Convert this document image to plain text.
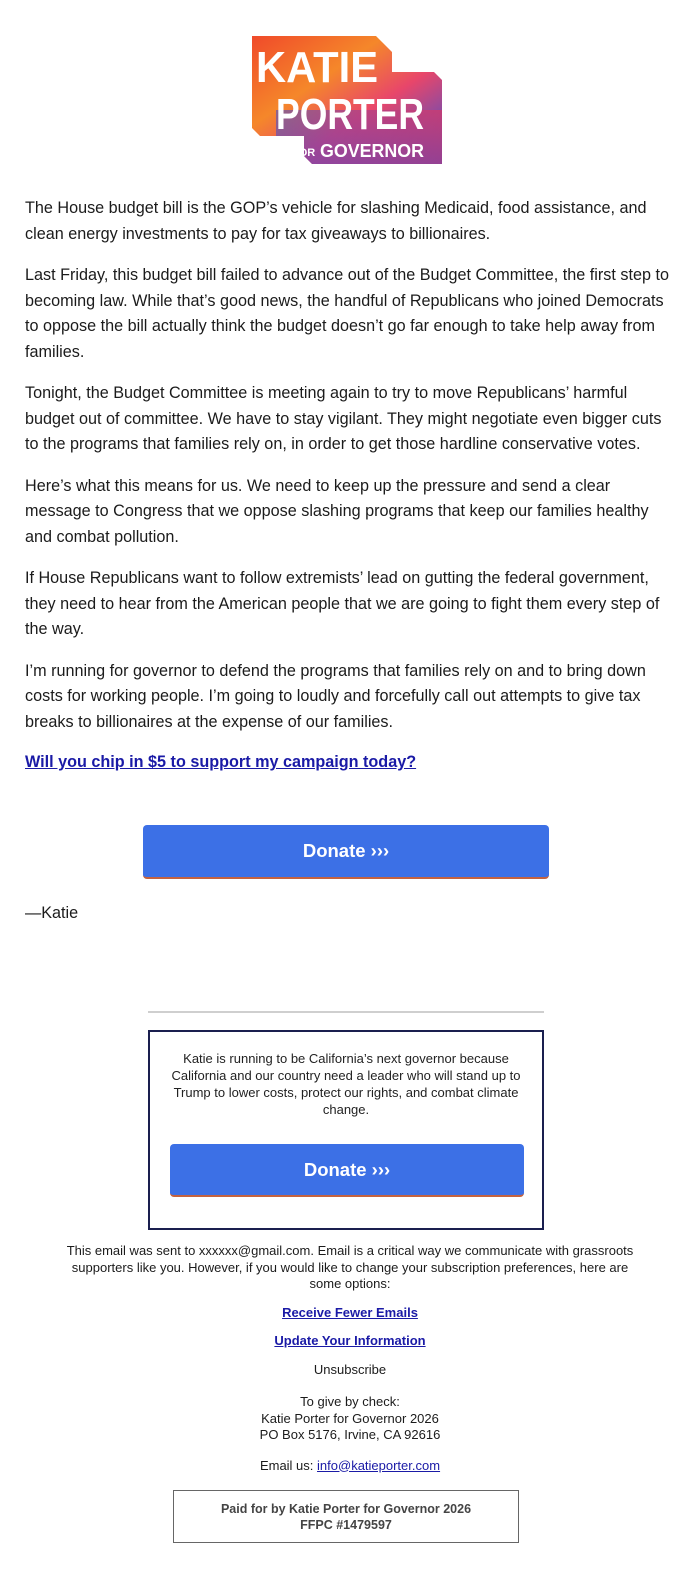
KATIE
PORTER
FOR GOVERNOR

The House budget bill is the GOP’s vehicle for slashing Medicaid, food assistance, and clean energy investments to pay for tax giveaways to billionaires.

Last Friday, this budget bill failed to advance out of the Budget Committee, the first step to becoming law. While that’s good news, the handful of Republicans who joined Democrats to oppose the bill actually think the budget doesn’t go far enough to take help away from families.

Tonight, the Budget Committee is meeting again to try to move Republicans’ harmful budget out of committee. We have to stay vigilant. They might negotiate even bigger cuts to the programs that families rely on, in order to get those hardline conservative votes.

Here’s what this means for us. We need to keep up the pressure and send a clear message to Congress that we oppose slashing programs that keep our families healthy and combat pollution.

If House Republicans want to follow extremists’ lead on gutting the federal government, they need to hear from the American people that we are going to fight them every step of the way.

I’m running for governor to defend the programs that families rely on and to bring down costs for working people. I’m going to loudly and forcefully call out attempts to give tax breaks to billionaires at the expense of our families.

Will you chip in $5 to support my campaign today?
Donate ›››
—Katie

Katie is running to be California’s next governor because California and our country need a leader who will stand up to Trump to lower costs, protect our rights, and combat climate change.

Donate ›››

This email was sent to xxxxxx@gmail.com. Email is a critical way we communicate with grassroots supporters like you. However, if you would like to change your subscription preferences, here are some options:

Receive Fewer Emails
Update Your Information
Unsubscribe
To give by check:
Katie Porter for Governor 2026
PO Box 5176, Irvine, CA 92616
Email us: info@katieporter.com
Paid for by Katie Porter for Governor 2026
FFPC #1479597
